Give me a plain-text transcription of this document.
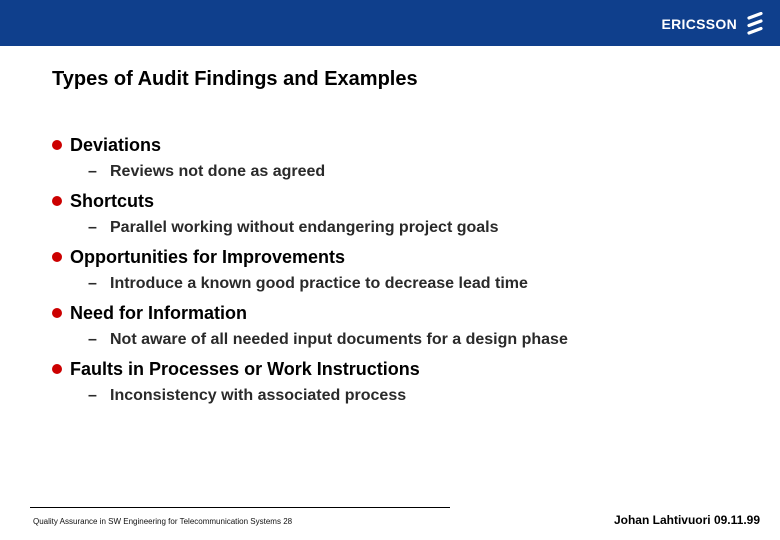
ERICSSON
Types of Audit Findings and Examples
Deviations
– Reviews not done as agreed
Shortcuts
– Parallel working without endangering project goals
Opportunities for Improvements
– Introduce a known good practice to decrease lead time
Need for Information
– Not aware of all needed input documents for a design phase
Faults in Processes or Work Instructions
– Inconsistency with associated process
Quality Assurance in SW Engineering for Telecommunication Systems 28	Johan Lahtivuori 09.11.99
